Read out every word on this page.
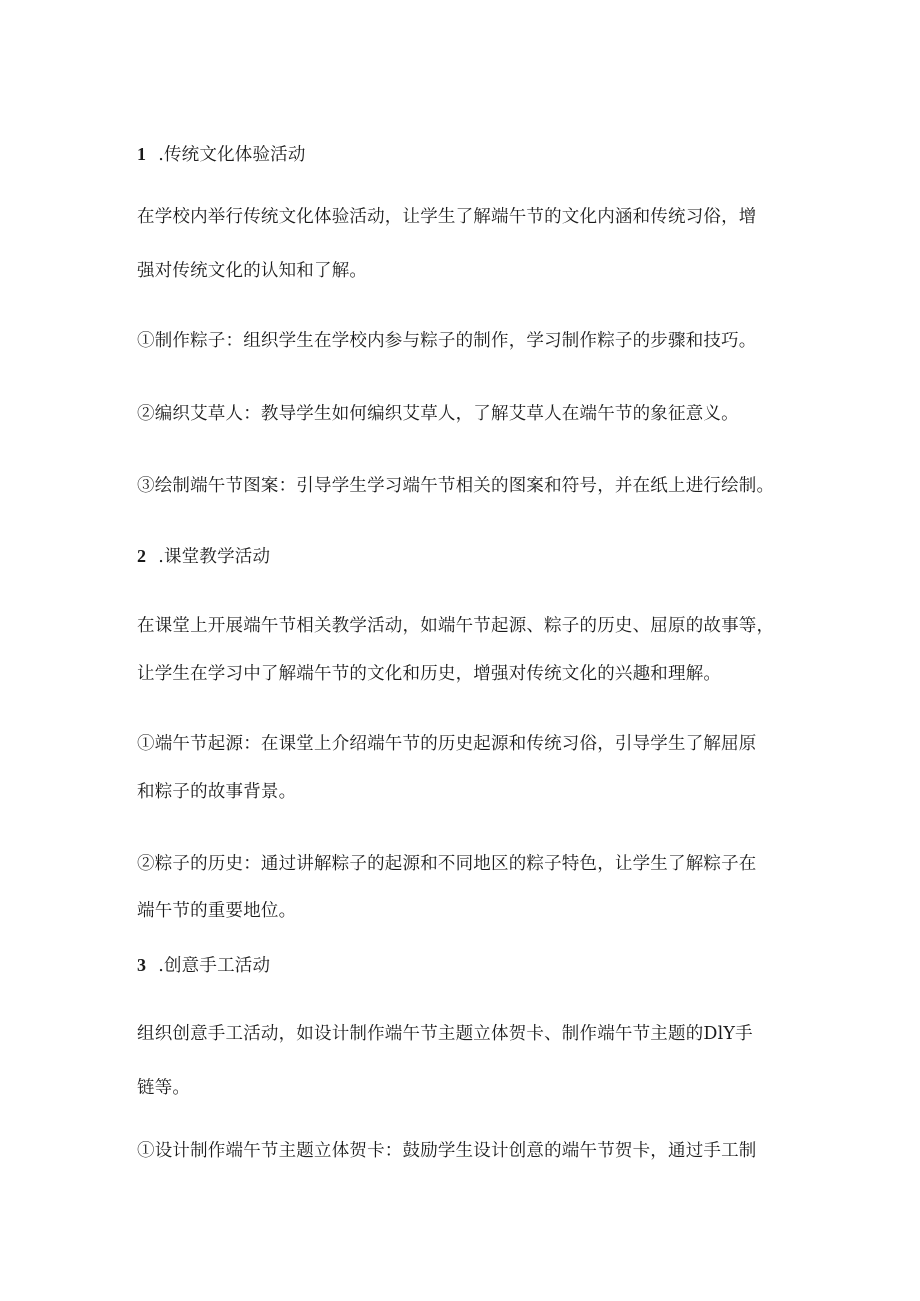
1 .传统文化体验活动
在学校内举行传统文化体验活动，让学生了解端午节的文化内涵和传统习俗，增
强对传统文化的认知和了解。
①制作粽子：组织学生在学校内参与粽子的制作，学习制作粽子的步骤和技巧。
②编织艾草人：教导学生如何编织艾草人，了解艾草人在端午节的象征意义。
③绘制端午节图案：引导学生学习端午节相关的图案和符号，并在纸上进行绘制。
2 .课堂教学活动
在课堂上开展端午节相关教学活动，如端午节起源、粽子的历史、屈原的故事等，
让学生在学习中了解端午节的文化和历史，增强对传统文化的兴趣和理解。
①端午节起源：在课堂上介绍端午节的历史起源和传统习俗，引导学生了解屈原
和粽子的故事背景。
②粽子的历史：通过讲解粽子的起源和不同地区的粽子特色，让学生了解粽子在
端午节的重要地位。
3 .创意手工活动
组织创意手工活动，如设计制作端午节主题立体贺卡、制作端午节主题的DlY手
链等。
①设计制作端午节主题立体贺卡：鼓励学生设计创意的端午节贺卡，通过手工制
